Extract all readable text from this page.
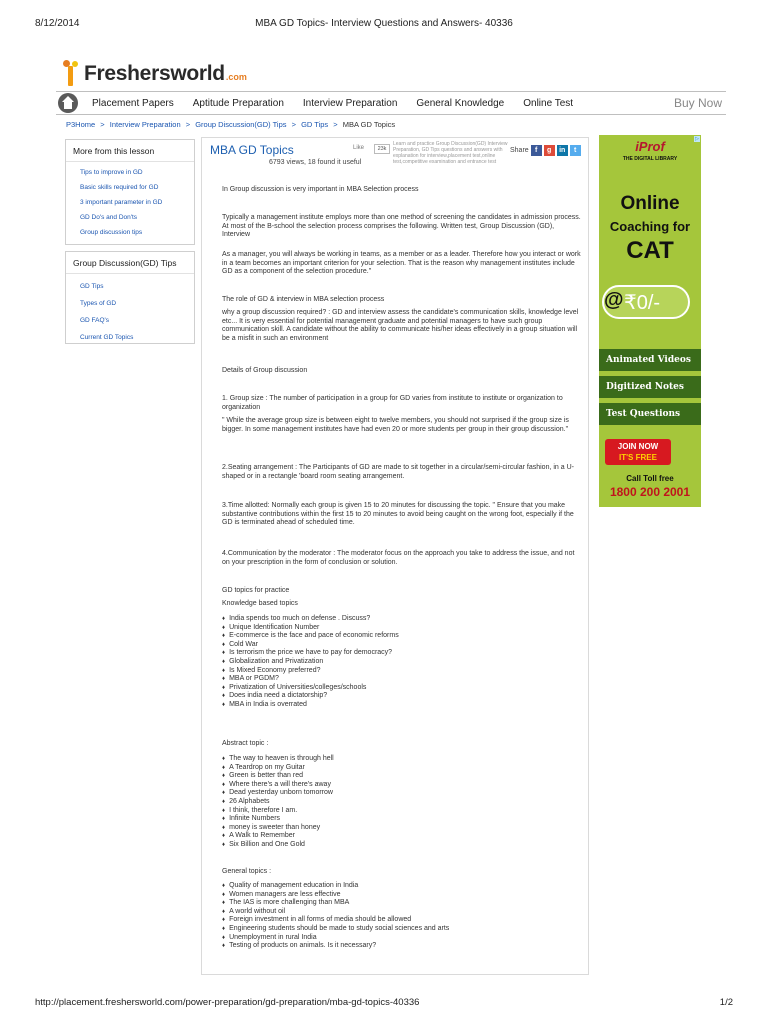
8/12/2014	MBA GD Topics- Interview Questions and Answers- 40336
Freshersworld .com
Placement Papers Aptitude Preparation Interview Preparation General Knowledge Online Test	Buy Now
P3Home > Interview Preparation > Group Discussion(GD) Tips > GD Tips > MBA GD Topics
More from this lesson
Tips to improve in GD
Basic skills required for GD
3 important parameter in GD
GD Do's and Don'ts
Group discussion tips
Group Discussion(GD) Tips
GD Tips
Types of GD
GD FAQ's
Current GD Topics
MBA GD Topics	Like	23k
Learn and practice Group Discussion(GD) Interview Preparation, GD Tips questions and answers with explanation for interview,placement test,online test,competitive examination and entrance test
Share f	g	in	t
6793 views, 18 found it useful
In Group discussion is very important in MBA Selection process
Typically a management institute employs more than one method of screening the candidates in admission process. At most of the B-school the selection process comprises the following. Written test, Group Discussion (GD), Interview
As a manager, you will always be working in teams, as a member or as a leader. Therefore how you interact or work in a team becomes an important criterion for your selection. That is the reason why management institutes include GD as a component of the selection procedure."
The role of GD & interview in MBA selection process
why a group discussion required? : GD and interview assess the candidate's communication skills, knowledge level etc... It is very essential for potential management graduate and potential managers to have such group communication skill. A candidate without the ability to communicate his/her ideas effectively in a group situation will be a misfit in such an environment
Details of Group discussion
1. Group size : The number of participation in a group for GD varies from institute to institute or organization to organization
" While the average group size is between eight to twelve members, you should not surprised if the group size is bigger. In some management institutes have had even 20 or more students per group in their group discussion."
2.Seating arrangement : The Participants of GD are made to sit together in a circular/semi-circular fashion, in a U-shaped or in a rectangle 'board room seating arrangement.
3.Time allotted: Normally each group is given 15 to 20 minutes for discussing the topic. " Ensure that you make substantive contributions within the first 15 to 20 minutes to avoid being caught on the wrong foot, especially if the GD is terminated ahead of scheduled time.
4.Communication by the moderator : The moderator focus on the approach you take to address the issue, and not on your prescription in the form of conclusion or solution.
GD topics for practice
Knowledge based topics
♦ India spends too much on defense . Discuss?
♦ Unique Identification Number
♦ E-commerce is the face and pace of economic reforms
♦ Cold War
♦ Is terrorism the price we have to pay for democracy?
♦ Globalization and Privatization
♦ Is Mixed Economy preferred?
♦ MBA or PGDM?
♦ Privatization of Universities/colleges/schools
♦ Does india need a dictatorship?
♦ MBA in India is overrated
Abstract topic :
♦ The way to heaven is through hell
♦ A Teardrop on my Guitar
♦ Green is better than red
♦ Where there's a will there's away
♦ Dead yesterday unborn tomorrow
♦ 26 Alphabets
♦ I think, therefore I am.
♦ Infinite Numbers
♦ money is sweeter than honey
♦ A Walk to Remember
♦ Six Billion and One Gold
General topics :
♦ Quality of management education in India
♦ Women managers are less effective
♦ The IAS is more challenging than MBA
♦ A world without oil
♦ Foreign investment in all forms of media should be allowed
♦ Engineering students should be made to study social sciences and arts
♦ Unemployment in rural India
♦ Testing of products on animals. Is it necessary?
▷
iProf
THE DIGITAL LIBRARY
Online
Coaching for
CAT
@ ₹0/-
Animated Videos
Digitized Notes
Test Questions
JOIN NOW
IT'S FREE
Call Toll free
1800 200 2001
http://placement.freshersworld.com/power-preparation/gd-preparation/mba-gd-topics-40336	1/2
